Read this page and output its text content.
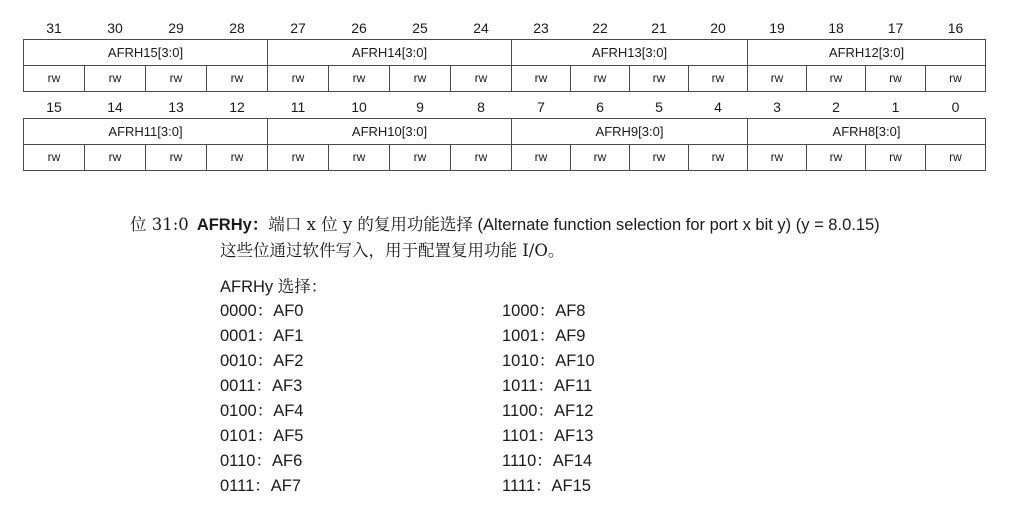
31	30	29	28	27	26	25	24	23	22	21	20	19	18	17	16
AFRH15[3:0]				AFRH14[3:0]				AFRH13[3:0]				AFRH12[3:0]			
rw	rw	rw	rw	rw	rw	rw	rw	rw	rw	rw	rw	rw	rw	rw	rw
15	14	13	12	11	10	9	8	7	6	5	4	3	2	1	0
AFRH11[3:0]				AFRH10[3:0]				AFRH9[3:0]				AFRH8[3:0]			
rw	rw	rw	rw	rw	rw	rw	rw	rw	rw	rw	rw	rw	rw	rw	rw
位 31:0 AFRHy：端口 x 位 y 的复用功能选择 (Alternate function selection for port x bit y) (y = 8.0.15)
这些位通过软件写入，用于配置复用功能 I/O。
AFRHy 选择：
0000：AF0
0001：AF1
0010：AF2
0011：AF3
0100：AF4
0101：AF5
0110：AF6
0111：AF7
1000：AF8
1001：AF9
1010：AF10
1011：AF11
1100：AF12
1101：AF13
1110：AF14
1111：AF15
